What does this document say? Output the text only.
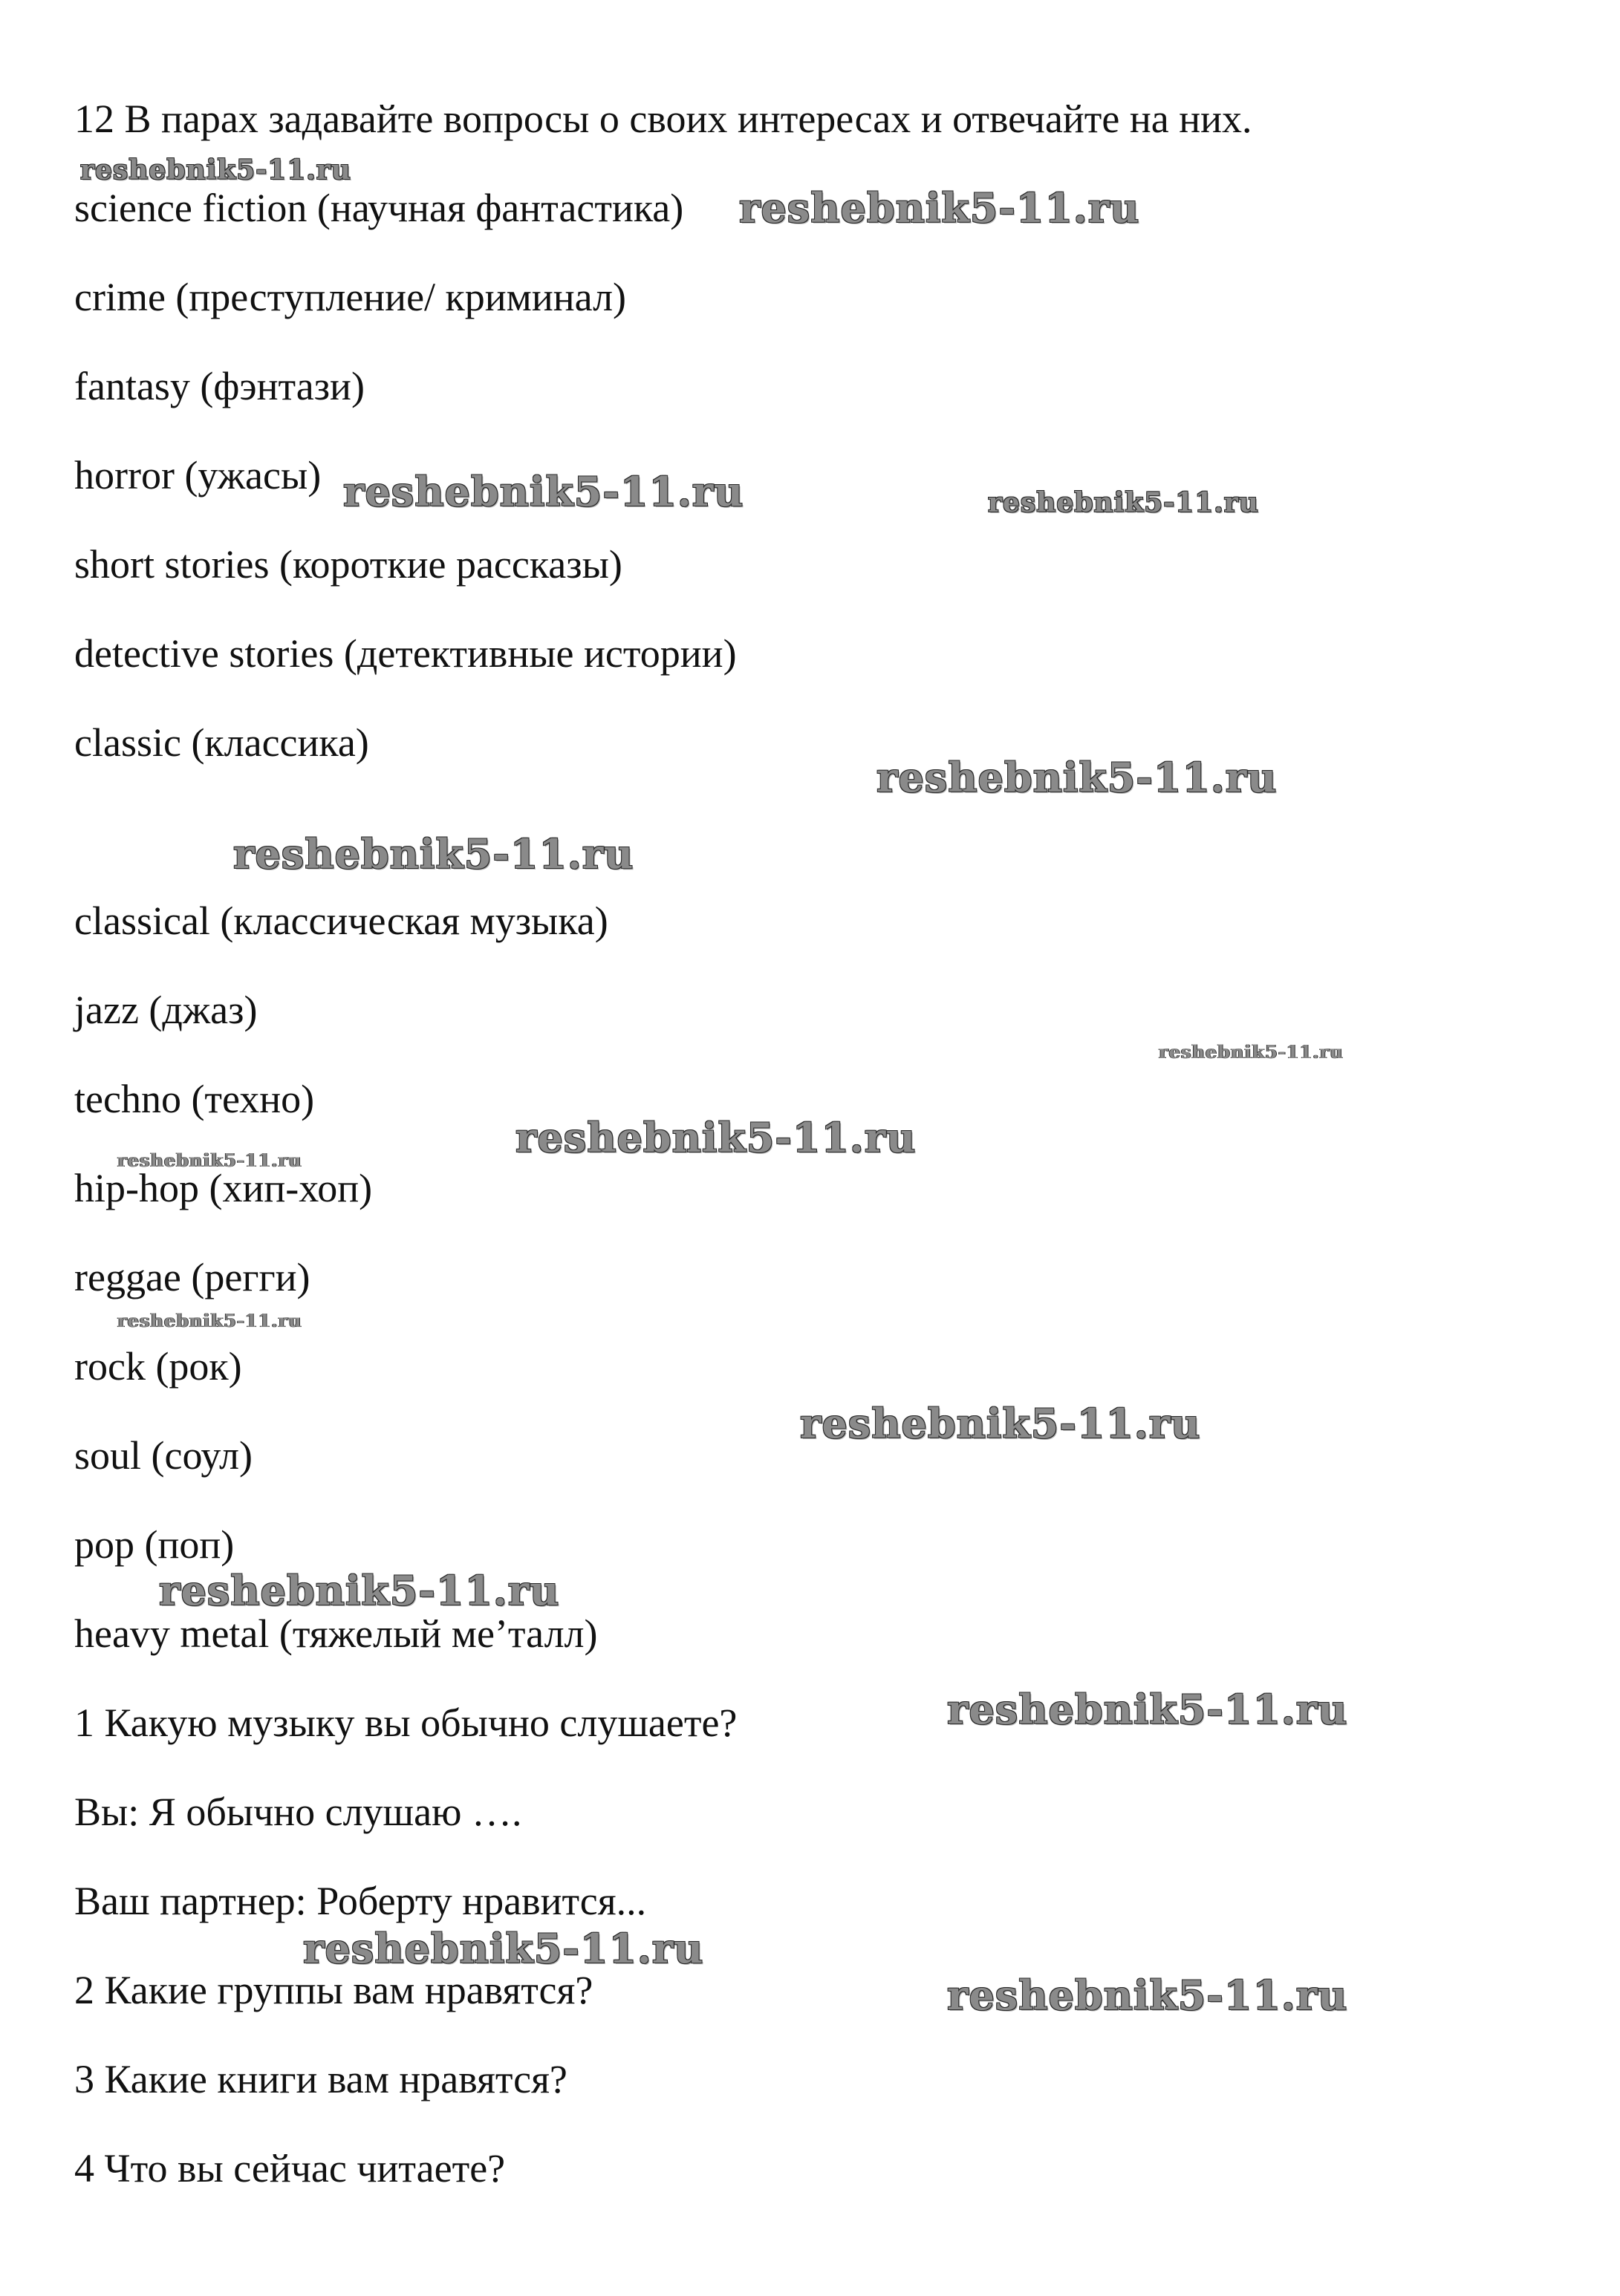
12 В парах задавайте вопросы о своих интересах и отвечайте на них.
science fiction (научная фантастика)
crime (преступление/ криминал)
fantasy (фэнтази)
horror (ужасы)
short stories (короткие рассказы)
detective stories (детективные истории)
classic (классика)
classical (классическая музыка)
jazz (джаз)
techno (техно)
hip-hop (хип-хоп)
reggae (регги)
rock (рок)
soul (соул)
pop (поп)
heavy metal (тяжелый ме’талл)
1 Какую музыку вы обычно слушаете?
Вы: Я обычно слушаю ….
Ваш партнер: Роберту нравится...
2 Какие группы вам нравятся?
3 Какие книги вам нравятся?
4 Что вы сейчас читаете?
reshebnik5-11.ru
reshebnik5-11.ru
reshebnik5-11.ru	reshebnik5-11.ru
reshebnik5-11.ru
reshebnik5-11.ru
reshebnik5-11.ru
reshebnik5-11.ru
reshebnik5-11.ru
reshebnik5-11.ru
reshebnik5-11.ru
reshebnik5-11.ru
reshebnik5-11.ru
reshebnik5-11.ru
reshebnik5-11.ru
